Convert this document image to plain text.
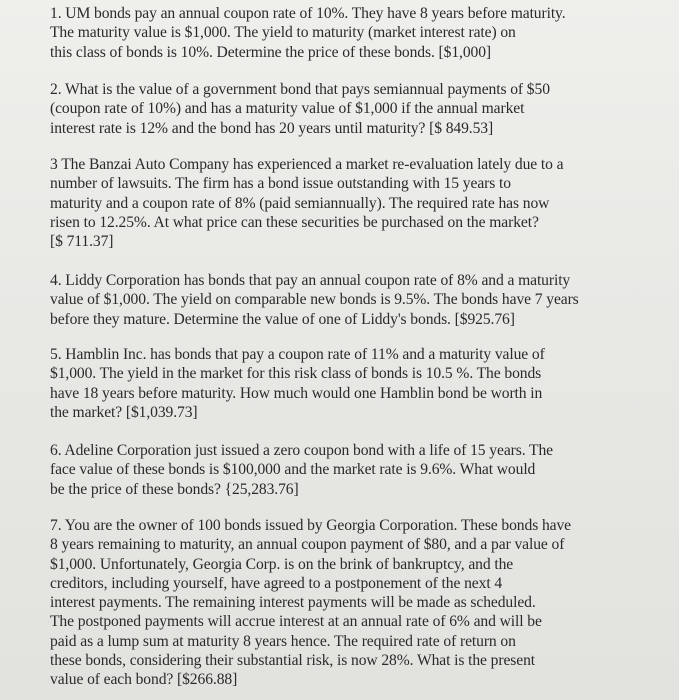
1. UM bonds pay an annual coupon rate of 10%. They have 8 years before maturity.
The maturity value is $1,000. The yield to maturity (market interest rate) on
this class of bonds is 10%. Determine the price of these bonds. [$1,000]
2. What is the value of a government bond that pays semiannual payments of $50
(coupon rate of 10%) and has a maturity value of $1,000 if the annual market
interest rate is 12% and the bond has 20 years until maturity? [$ 849.53]
3 The Banzai Auto Company has experienced a market re-evaluation lately due to a
number of lawsuits. The firm has a bond issue outstanding with 15 years to
maturity and a coupon rate of 8% (paid semiannually). The required rate has now
risen to 12.25%. At what price can these securities be purchased on the market?
[$ 711.37]
4. Liddy Corporation has bonds that pay an annual coupon rate of 8% and a maturity
value of $1,000. The yield on comparable new bonds is 9.5%. The bonds have 7 years
before they mature. Determine the value of one of Liddy's bonds. [$925.76]
5. Hamblin Inc. has bonds that pay a coupon rate of 11% and a maturity value of
$1,000. The yield in the market for this risk class of bonds is 10.5 %. The bonds
have 18 years before maturity. How much would one Hamblin bond be worth in
the market? [$1,039.73]
6. Adeline Corporation just issued a zero coupon bond with a life of 15 years. The
face value of these bonds is $100,000 and the market rate is 9.6%. What would
be the price of these bonds? {25,283.76]
7. You are the owner of 100 bonds issued by Georgia Corporation. These bonds have
8 years remaining to maturity, an annual coupon payment of $80, and a par value of
$1,000. Unfortunately, Georgia Corp. is on the brink of bankruptcy, and the
creditors, including yourself, have agreed to a postponement of the next 4
interest payments. The remaining interest payments will be made as scheduled.
The postponed payments will accrue interest at an annual rate of 6% and will be
paid as a lump sum at maturity 8 years hence. The required rate of return on
these bonds, considering their substantial risk, is now 28%. What is the present
value of each bond? [$266.88]
